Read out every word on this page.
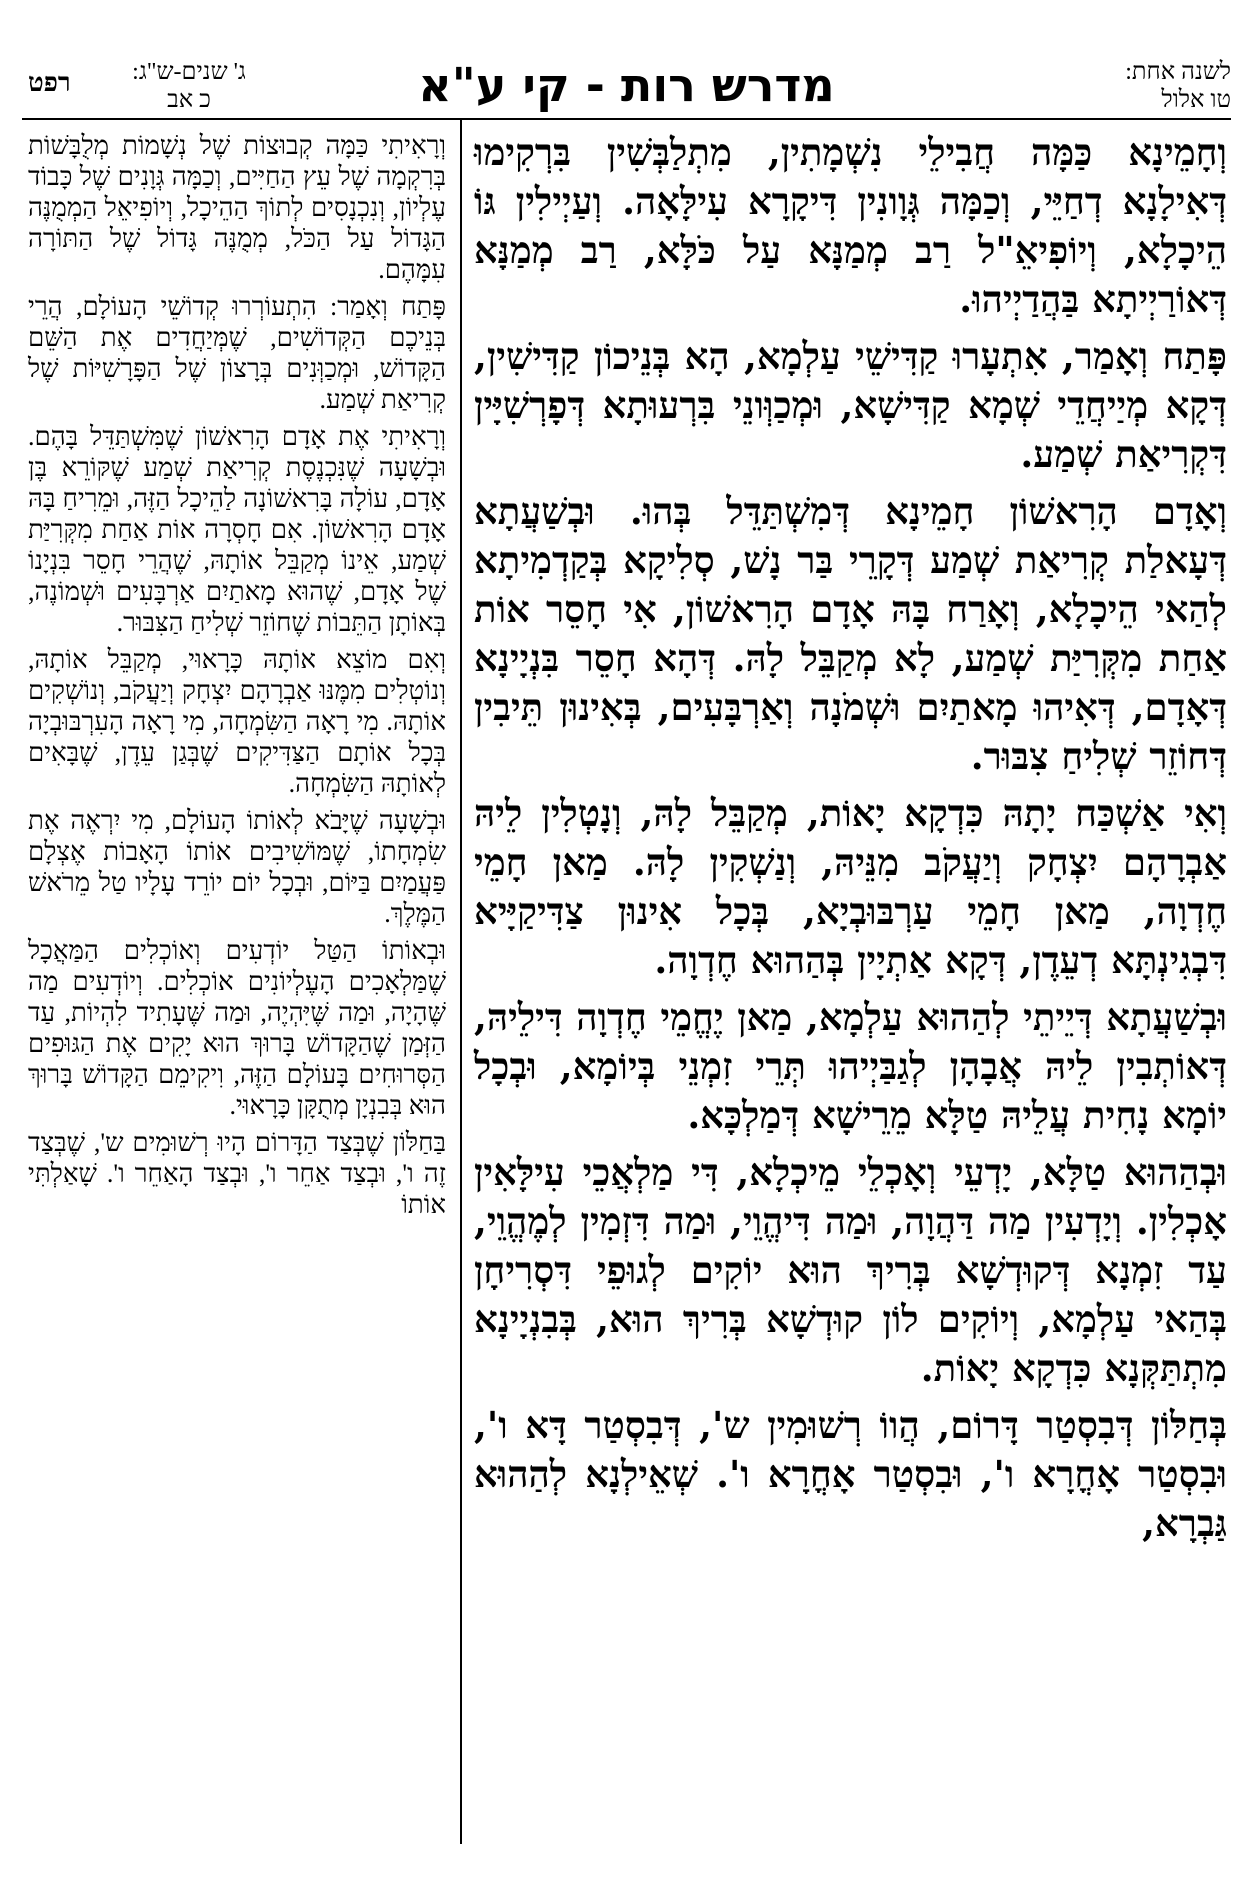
לשנה אחת:
טו אלול
מדרש רות - קי ע"א
רפט	ג' שנים-ש"ג:
כ אב

וְחָמֵינָא כַּמָּה חֲבִילֵי נִשְׁמָתִין, מִתְלַבְּשִׁין בִּרְקִימוּ דְּאִילָנָא דְחַיֵּי, וְכַמָּה גְּוָונִין דִּיקָרָא עִילָּאָה. וְעַיְילִין גּוֹ הֵיכָלָא, וְיוֹפִיאֵ"ל רַב מְמַנָּא עַל כֹּלָּא, רַב מְמַנָּא דְּאוֹרַיְיתָא בַּהֲדַיְיהוּ.

פָּתַח וְאָמַר, אִתְעָרוּ קַדִּישֵׁי עַלְמָא, הָא בְּנֵיכוֹן קַדִּישִׁין, דְּקָא מְיַיחֲדֵי שְׁמָא קַדִּישָׁא, וּמְכַוְּונֵי בִּרְעוּתָא דְּפָרְשִׁיָּין דִּקְרִיאַת שְׁמַע.

וְאָדָם הָרִאשׁוֹן חָמֵינָא דְּמִשְׁתַּדֵּל בְּהוּ. וּבְשַׁעֲתָא דְּעָאלַת קְרִיאַת שְׁמַע דְּקָרֵי בַּר נָשׁ, סְלִיקָא בְּקַדְמִיתָא לְהַאי הֵיכָלָא, וְאָרַח בָּהּ אָדָם הָרִאשׁוֹן, אִי חָסֵר אוֹת אַחַת מִקְּרִיַּת שְׁמַע, לָא מְקַבֵּל לָהּ. דְּהָא חָסֵר בִּנְיָינָא דְּאָדָם, דְּאִיהוּ מָאתַיִם וּשְׁמֹנָה וְאַרְבָּעִים, בְּאִינוּן תֵּיבִין דְּחוֹזֵר שְׁלִיחַ צִבּוּר.

וְאִי אַשְׁכַּח יָתָהּ כִּדְקָא יָאוֹת, מְקַבֵּל לָהּ, וְנָטְלִין לֵיהּ אַבְרָהָם יִצְחָק וְיַעֲקֹב מִנֵּיהּ, וְנַשְׁקִין לָהּ. מַאן חָמֵי חֶדְוָה, מַאן חָמֵי עַרְבּוּבְיָא, בְּכָל אִינוּן צַדִּיקַיָּיא דִּבְגִינְתָּא דְעֵדֶן, דְּקָא אַתְיָין בְּהַהוּא חֶדְוָה.

וּבְשַׁעֲתָא דְּיֵיתֵי לְהַהוּא עַלְמָא, מַאן יֶחֱמֵי חֶדְוָה דִּילֵיהּ, דְּאוֹתְבִין לֵיהּ אֲבָהָן לְגַבַּיְיהוּ תְּרֵי זִמְנֵי בְּיוֹמָא, וּבְכָל יוֹמָא נָחִית עֲלֵיהּ טַלָּא מֵרֵישָׁא דְּמַלְכָּא.

וּבְהַהוּא טַלָּא, יָדְעֵי וְאָכְלֵי מֵיכְלָא, דִּי מַלְאֲכֵי עִילָּאִין אָכְלִין. וְיָדְעִין מַה דַּהֲוָה, וּמַה דִּיהֱוֵי, וּמַה דִּזְמִין לְמֶהֱוֵי, עַד זִמְנָא דְּקוּדְשָׁא בְּרִיךְ הוּא יוֹקִים לְגוּפֵי דִּסְרִיחָן בְּהַאי עַלְמָא, וְיוֹקִים לוֹן קוּדְשָׁא בְּרִיךְ הוּא, בְּבִנְיָינָא מִתְתַּקְּנָא כִּדְקָא יָאוֹת.

בְּחַלּוֹן דְּבִסְטַר דָּרוֹם, הֲווֹ רְשׁוּמִין ש', דְּבִסְטַר דָּא ו', וּבִסְטַר אָחֳרָא ו', וּבִסְטַר אָחֳרָא ו'. שְׁאֵילְנָא לְהַהוּא גַּבְרָא,

וְרָאִיתִי כַּמָּה קְבוּצוֹת שֶׁל נְשָׁמוֹת מְלֻבָּשׁוֹת בְּרִקְמָה שֶׁל עֵץ הַחַיִּים, וְכַמָּה גְּוָנִים שֶׁל כָּבוֹד עֶלְיוֹן, וְנִכְנָסִים לְתוֹךְ הַהֵיכָל, וְיוֹפִיאֵל הַמְמֻנֶּה הַגָּדוֹל עַל הַכֹּל, מְמֻנֶּה גָּדוֹל שֶׁל הַתּוֹרָה עִמָּהֶם.

פָּתַח וְאָמַר: הִתְעוֹרְרוּ קְדוֹשֵׁי הָעוֹלָם, הֲרֵי בְּנֵיכֶם הַקְּדוֹשִׁים, שֶׁמְּיַחֲדִים אֶת הַשֵּׁם הַקָּדוֹשׁ, וּמְכַוְּנִים בְּרָצוֹן שֶׁל הַפָּרָשִׁיּוֹת שֶׁל קְרִיאַת שְׁמַע.

וְרָאִיתִי אֶת אָדָם הָרִאשׁוֹן שֶׁמִּשְׁתַּדֵּל בָּהֶם. וּבְשָׁעָה שֶׁנִּכְנֶסֶת קְרִיאַת שְׁמַע שֶׁקּוֹרֵא בֶּן אָדָם, עוֹלָה בָּרִאשׁוֹנָה לַהֵיכָל הַזֶּה, וּמֵרִיחַ בָּהּ אָדָם הָרִאשׁוֹן. אִם חָסְרָה אוֹת אַחַת מִקְּרִיַּת שְׁמַע, אֵינוֹ מְקַבֵּל אוֹתָהּ, שֶׁהֲרֵי חָסֵר בִּנְיָנוֹ שֶׁל אָדָם, שֶׁהוּא מָאתַיִם אַרְבָּעִים וּשְׁמוֹנֶה, בְּאוֹתָן הַתֵּבוֹת שֶׁחוֹזֵר שְׁלִיחַ הַצִּבּוּר.

וְאִם מוֹצֵא אוֹתָהּ כָּרָאוּי, מְקַבֵּל אוֹתָהּ, וְנוֹטְלִים מִמֶּנּוּ אַבְרָהָם יִצְחָק וְיַעֲקֹב, וְנוֹשְׁקִים אוֹתָהּ. מִי רָאָה הַשִּׂמְחָה, מִי רָאָה הָעִרְבּוּבְיָה בְּכָל אוֹתָם הַצַּדִּיקִים שֶׁבְּגַן עֵדֶן, שֶׁבָּאִים לְאוֹתָהּ הַשִּׂמְחָה.

וּבְשָׁעָה שֶׁיָּבֹא לְאוֹתוֹ הָעוֹלָם, מִי יִרְאֶה אֶת שִׂמְחָתוֹ, שֶׁמּוֹשִׁיבִים אוֹתוֹ הָאָבוֹת אֶצְלָם פַּעֲמַיִם בַּיּוֹם, וּבְכָל יוֹם יוֹרֵד עָלָיו טַל מֵרֹאשׁ הַמֶּלֶךְ.

וּבְאוֹתוֹ הַטַּל יוֹדְעִים וְאוֹכְלִים הַמַּאֲכָל שֶׁמַּלְאָכִים הָעֶלְיוֹנִים אוֹכְלִים. וְיוֹדְעִים מַה שֶּׁהָיָה, וּמַה שֶּׁיִּהְיֶה, וּמַה שֶּׁעָתִיד לִהְיוֹת, עַד הַזְּמַן שֶׁהַקָּדוֹשׁ בָּרוּךְ הוּא יָקִים אֶת הַגּוּפִים הַסְּרוּחִים בָּעוֹלָם הַזֶּה, וִיקִימֵם הַקָּדוֹשׁ בָּרוּךְ הוּא בְּבִנְיָן מְתֻקָּן כָּרָאוּי.

בַּחַלּוֹן שֶׁבְּצַד הַדָּרוֹם הָיוּ רְשׁוּמִים ש', שֶׁבְּצַד זֶה ו', וּבְצַד אַחֵר ו', וּבְצַד הָאַחֵר ו'. שָׁאַלְתִּי אוֹתוֹ
